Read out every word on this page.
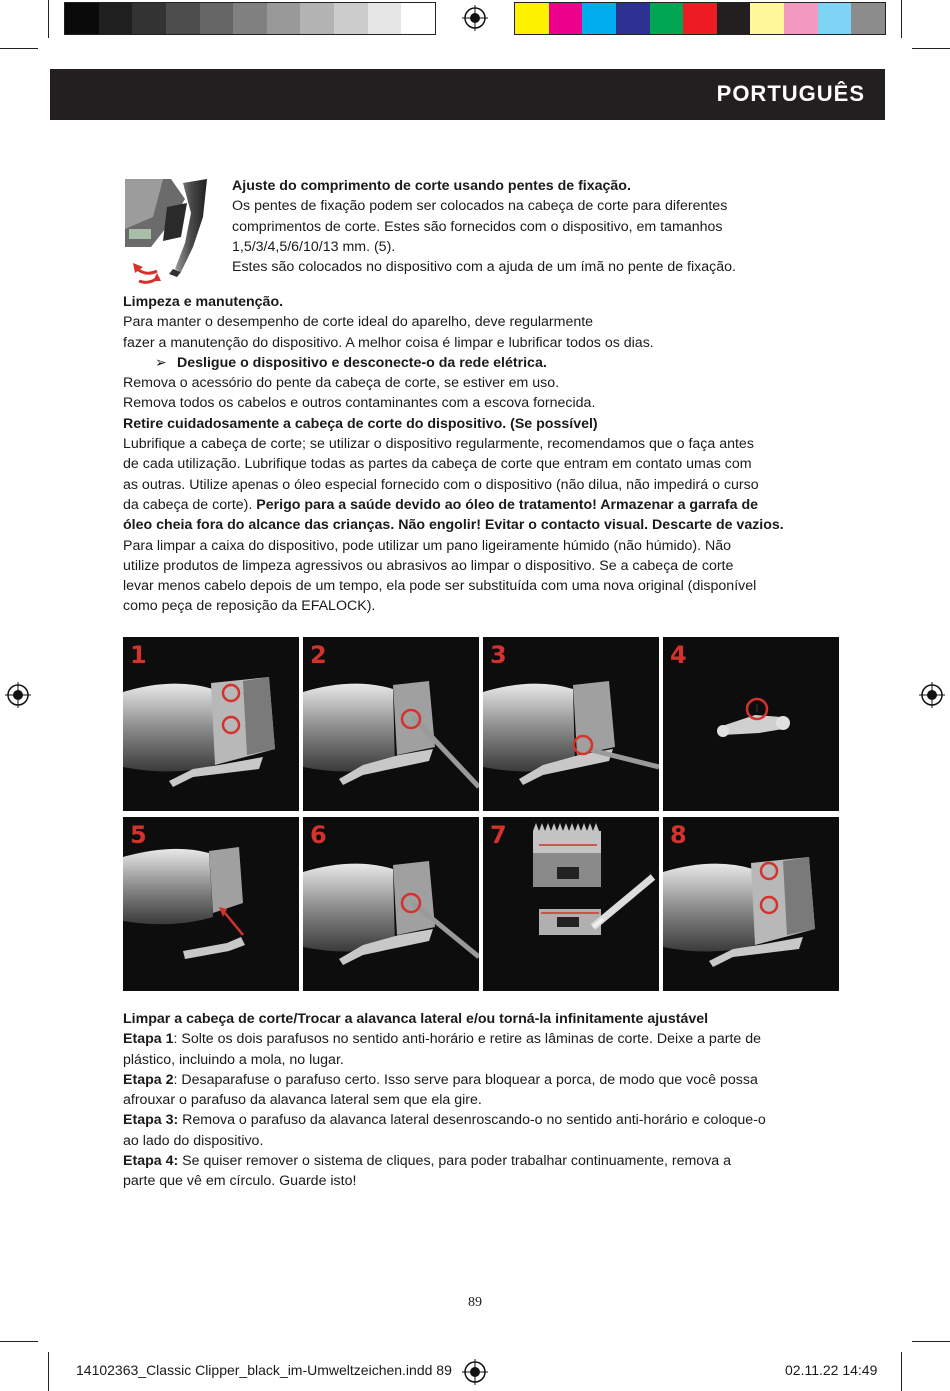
PORTUGUÊS

Ajuste do comprimento de corte usando pentes de fixação.

Os pentes de fixação podem ser colocados na cabeça de corte para diferentes

comprimentos de corte. Estes são fornecidos com o dispositivo, em tamanhos

1,5/3/4,5/6/10/13 mm. (5).

Estes são colocados no dispositivo com a ajuda de um ímã no pente de fixação.

Limpeza e manutenção.

Para manter o desempenho de corte ideal do aparelho, deve regularmente

fazer a manutenção do dispositivo. A melhor coisa é limpar e lubrificar todos os dias.

➢ Desligue o dispositivo e desconecte-o da rede elétrica.

Remova o acessório do pente da cabeça de corte, se estiver em uso.

Remova todos os cabelos e outros contaminantes com a escova fornecida.

Retire cuidadosamente a cabeça de corte do dispositivo. (Se possível)

Lubrifique a cabeça de corte; se utilizar o dispositivo regularmente, recomendamos que o faça antes

de cada utilização. Lubrifique todas as partes da cabeça de corte que entram em contato umas com

as outras. Utilize apenas o óleo especial fornecido com o dispositivo (não dilua, não impedirá o curso

da cabeça de corte). Perigo para a saúde devido ao óleo de tratamento! Armazenar a garrafa de

óleo cheia fora do alcance das crianças. Não engolir! Evitar o contacto visual. Descarte de vazios.

Para limpar a caixa do dispositivo, pode utilizar um pano ligeiramente húmido (não húmido). Não

utilize produtos de limpeza agressivos ou abrasivos ao limpar o dispositivo. Se a cabeça de corte

levar menos cabelo depois de um tempo, ela pode ser substituída com uma nova original (disponível

como peça de reposição da EFALOCK).

1	2	3	4
5	6	7	8

Limpar a cabeça de corte/Trocar a alavanca lateral e/ou torná-la infinitamente ajustável

Etapa 1: Solte os dois parafusos no sentido anti-horário e retire as lâminas de corte. Deixe a parte de

plástico, incluindo a mola, no lugar.

Etapa 2: Desaparafuse o parafuso certo. Isso serve para bloquear a porca, de modo que você possa

afrouxar o parafuso da alavanca lateral sem que ela gire.

Etapa 3: Remova o parafuso da alavanca lateral desenroscando-o no sentido anti-horário e coloque-o

ao lado do dispositivo.

Etapa 4: Se quiser remover o sistema de cliques, para poder trabalhar continuamente, remova a

parte que vê em círculo. Guarde isto!

89
14102363_Classic Clipper_black_im-Umweltzeichen.indd 89	02.11.22 14:49
